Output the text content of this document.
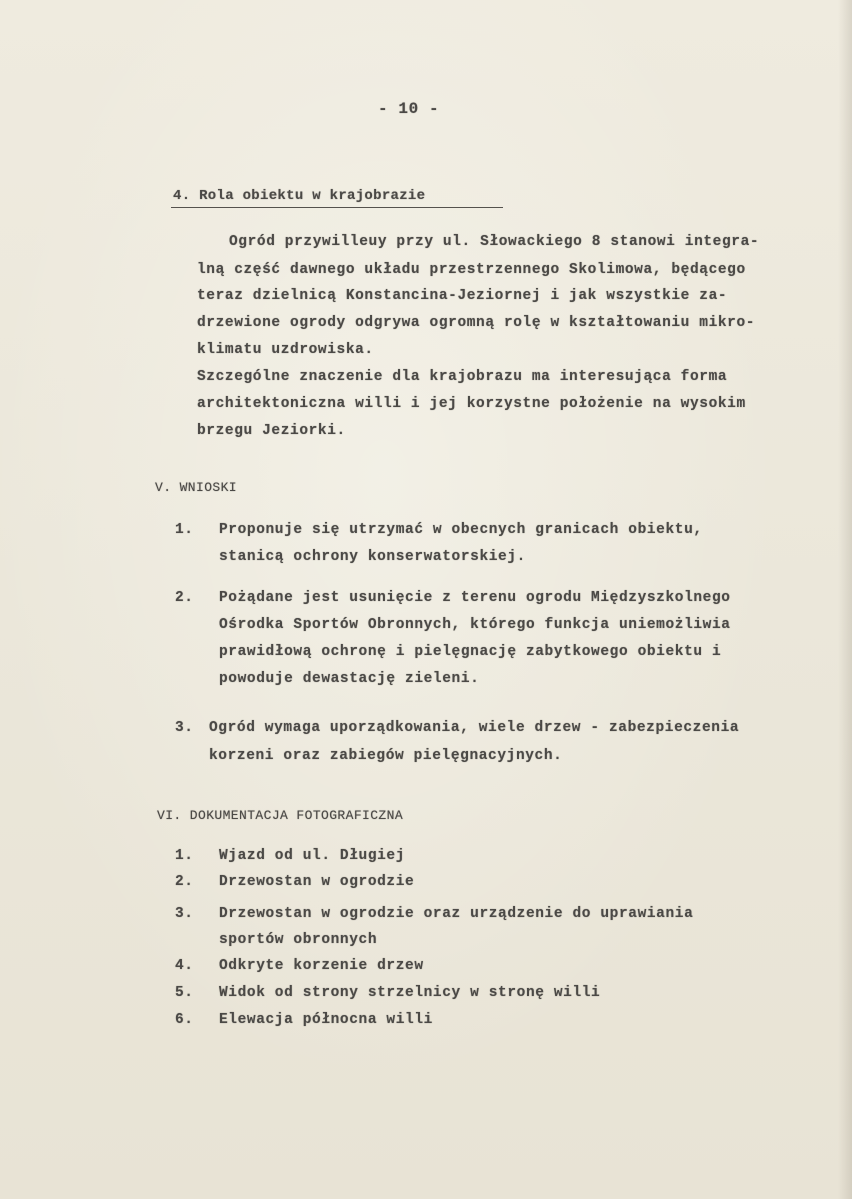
- 10 -
4. Rola obiektu w krajobrazie
Ogród przywilleuy przy ul. Słowackiego 8 stanowi integra-
lną część dawnego układu przestrzennego Skolimowa, będącego
teraz dzielnicą Konstancina-Jeziornej i jak wszystkie za-
drzewione ogrody odgrywa ogromną rolę w kształtowaniu mikro-
klimatu uzdrowiska.
Szczególne znaczenie dla krajobrazu ma interesująca forma
architektoniczna willi i jej korzystne położenie na wysokim
brzegu Jeziorki.
V. WNIOSKI
1. Proponuje się utrzymać w obecnych granicach obiektu,
stanicą ochrony konserwatorskiej.
2. Pożądane jest usunięcie z terenu ogrodu Międzyszkolnego
Ośrodka Sportów Obronnych, którego funkcja uniemożliwia
prawidłową ochronę i pielęgnację zabytkowego obiektu i
powoduje dewastację zieleni.
3. Ogród wymaga uporządkowania, wiele drzew - zabezpieczenia
korzeni oraz zabiegów pielęgnacyjnych.
VI. DOKUMENTACJA FOTOGRAFICZNA
1. Wjazd od ul. Długiej
2. Drzewostan w ogrodzie
3. Drzewostan w ogrodzie oraz urządzenie do uprawiania
sportów obronnych
4. Odkryte korzenie drzew
5. Widok od strony strzelnicy w stronę willi
6. Elewacja północna willi
